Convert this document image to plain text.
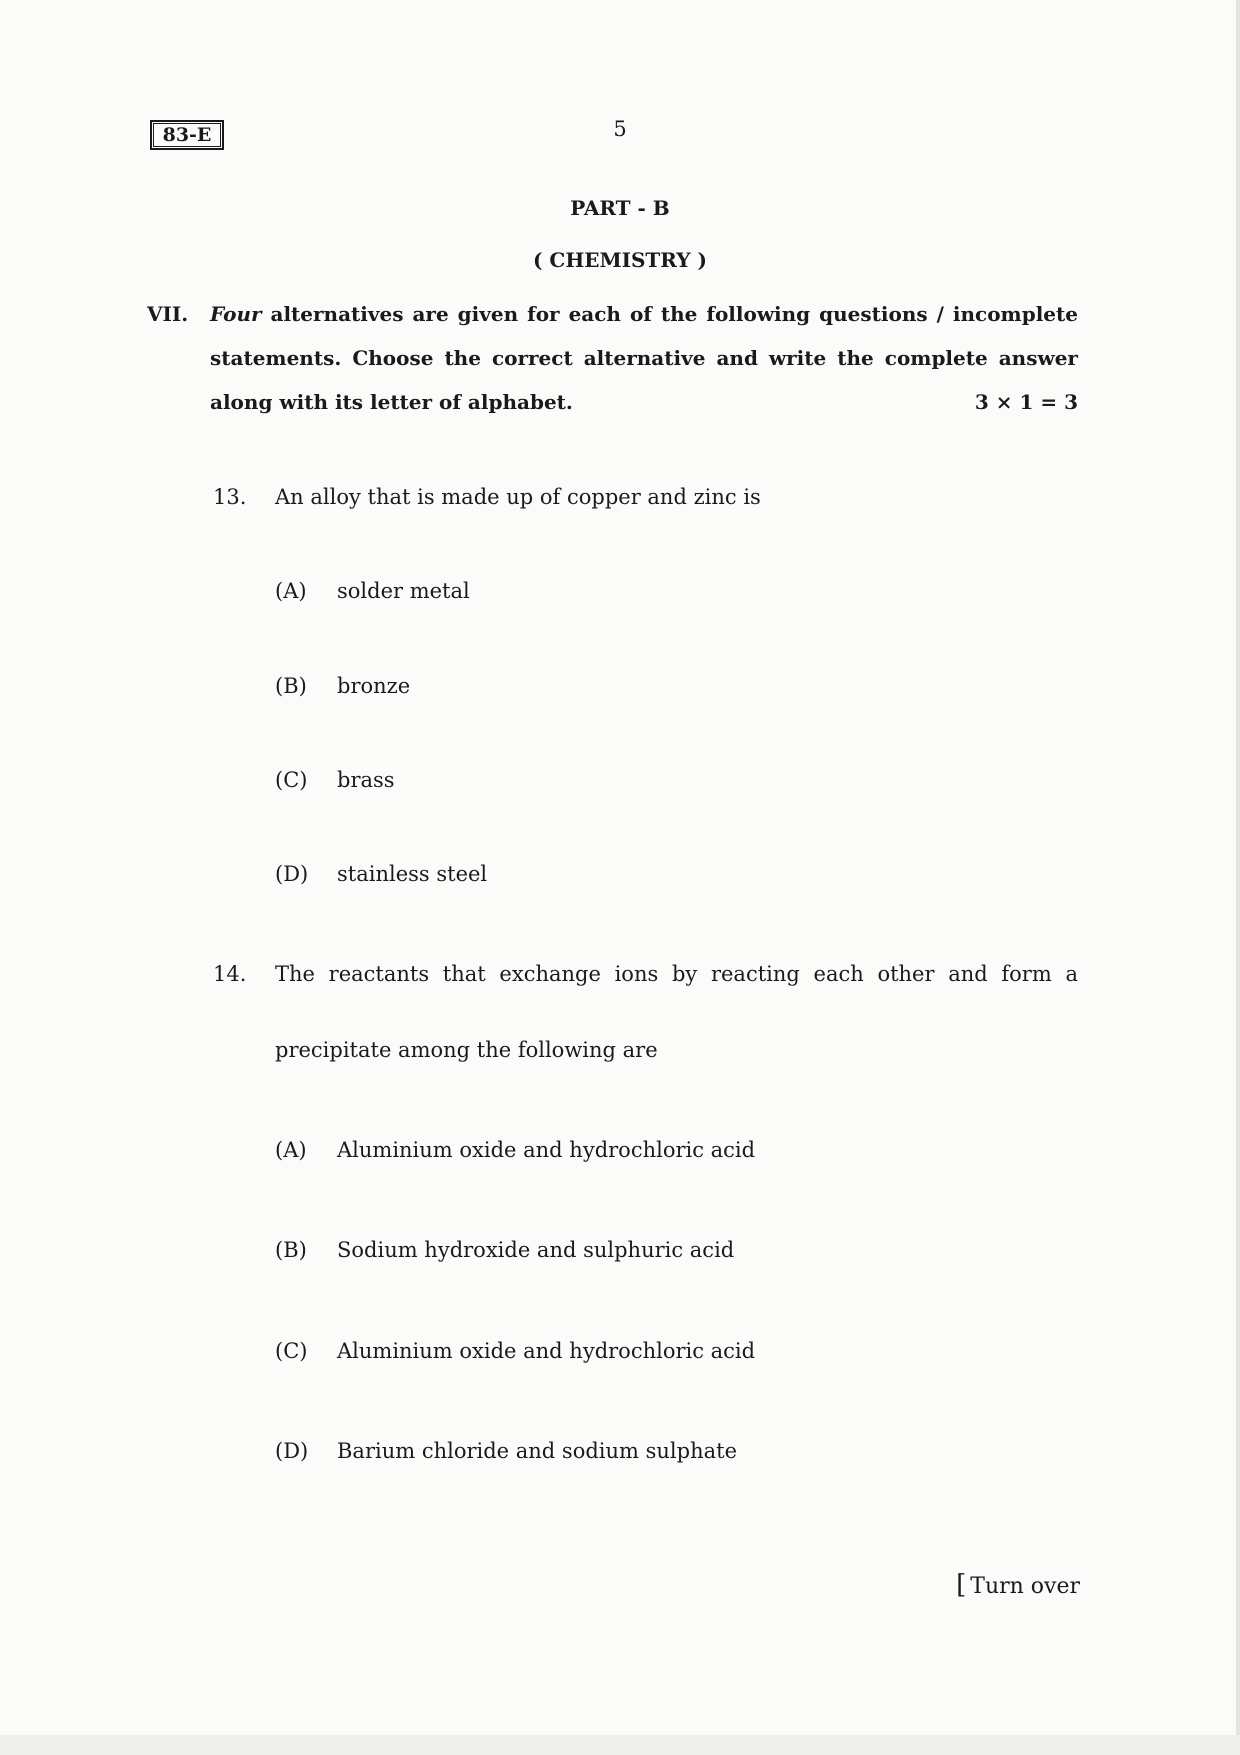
83-E	5
PART - B
( CHEMISTRY )
VII. Four alternatives are given for each of the following questions / incomplete
statements. Choose the correct alternative and write the complete answer
along with its letter of alphabet.	3 × 1 = 3
13. An alloy that is made up of copper and zinc is
(A) solder metal
(B) bronze
(C) brass
(D) stainless steel
14. The reactants that exchange ions by reacting each other and form a
precipitate among the following are
(A) Aluminium oxide and hydrochloric acid
(B) Sodium hydroxide and sulphuric acid
(C) Aluminium oxide and hydrochloric acid
(D) Barium chloride and sodium sulphate
[ Turn over
